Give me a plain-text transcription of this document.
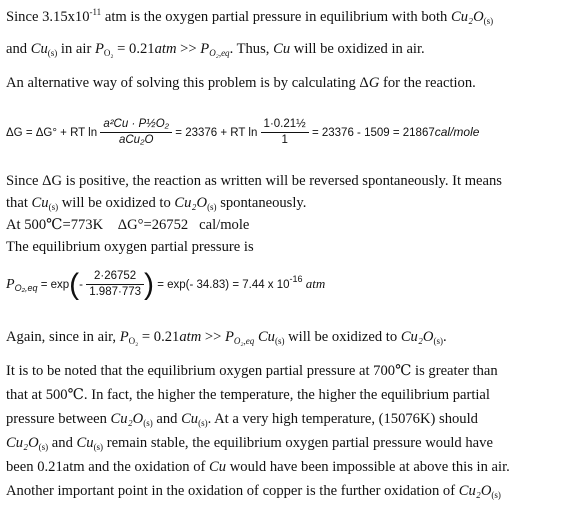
Since $3.15x10^{-11}$ atm is the oxygen partial pressure in equilibrium with both $Cu_2O_{(s)}$
and $Cu_{(s)}$ in air $P_{O_2} = 0.21atm >> P_{O_2,eq}$. Thus, Cu will be oxidized in air.
An alternative way of solving this problem is by calculating ΔG for the reaction.
ΔG = ΔG° + RT $\ln \frac{\text{a²Cu · P½O₂}}{\text{aCu₂O}} = 23376$ + RT $\ln \frac{\text{1·0.21½}}{1} = 23376 - 1509$ = 21867cal/mole
Since ΔG is positive, the reaction as written will be reversed spontaneously. It means
that $Cu_{(s)}$ will be oxidized to $Cu_2O_{(s)}$ spontaneously.
At 500℃=773K    ΔG°=26752   cal/mole
The equilibrium oxygen partial pressure is
$P_{O_2,eq} = \exp(- \frac{2\cdot 26752}{1.987\cdot 773}$ ) = exp(- 34.83) = 7.44 x $10^{-16}$ atm
Again, since in air, $P_{O_2} = 0.21atm >> P_{O_2,eq}$ $Cu_{(s)}$ will be oxidized to $Cu_2O_{(s)}$.
It is to be noted that the equilibrium oxygen partial pressure at 700℃ is greater than
that at 500℃. In fact, the higher the temperature, the higher the equilibrium partial
pressure between $Cu_2O_{(s)}$ and $Cu_{(s)}$. At a very high temperature, (15076K) should
$Cu_2O_{(s)}$ and $Cu_{(s)}$ remain stable, the equilibrium oxygen partial pressure would have
been 0.21atm and the oxidation of Cu would have been impossible at above this in air.
Another important point in the oxidation of copper is the further oxidation of $Cu_2O_{(s)}$
